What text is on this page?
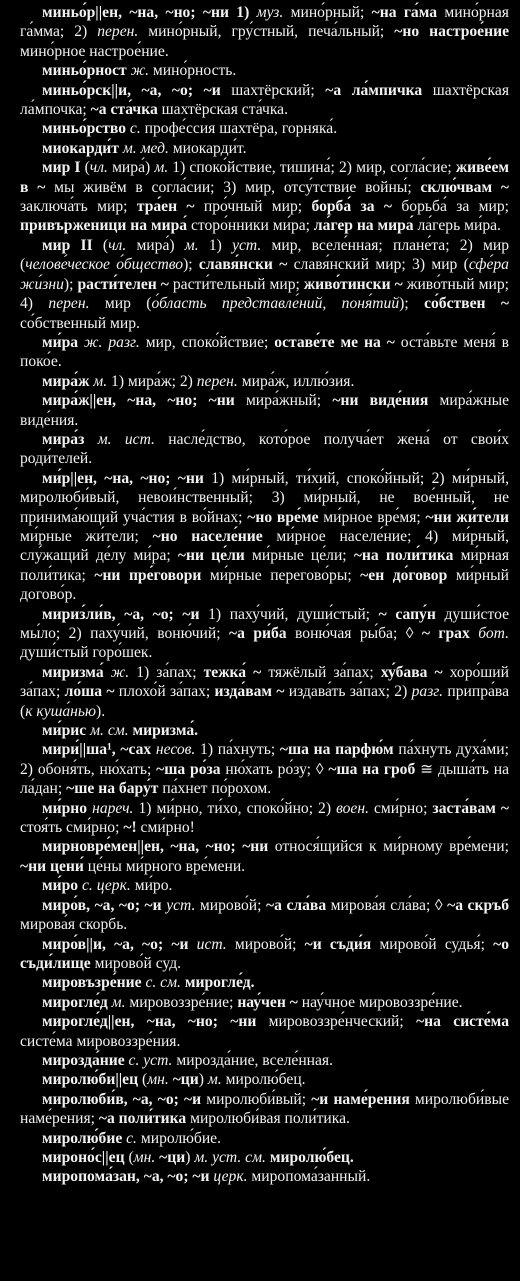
миньо́р||ен, ~на, ~но; ~ни 1) муз. мино́рный; ~на га́ма мино́рная га́мма; 2) перен. мино́рный, гру́стный, печа́льный; ~но настрое́ние мино́рное настрое́ние.

миньо́рност ж. мино́рность.

миньо́рск||и, ~а, ~о; ~и шахтёрский; ~а ла́мпичка шахтёрская ла́мпочка; ~а ста́чка шахтёрская ста́чка.

миньо́рство с. профе́ссия шахтёра, горняка́.

миокарди́т м. мед. миокарди́т.

мир I (чл. мира́) м. 1) споко́йствие, тишина́; 2) мир, согла́сие; живе́ем в ~ мы живём в согла́сии; 3) мир, отсу́тствие войны́; склю́чвам ~ заключа́ть мир; тра́ен ~ про́чный мир; борба́ за ~ борьба́ за мир; привърженици на мира́ сторо́нники ми́ра; ла́гер на мира́ ла́герь ми́ра.

мир II (чл. мира́) м. 1) уст. мир, вселе́нная; плане́та; 2) мир (челове́ческое о́бщество); славя́нски ~ славя́нский мир; 3) мир (сфе́ра жи́зни); расти́телен ~ расти́тельный мир; живо́тински ~ живо́тный мир; 4) перен. мир (о́бласть представле́ний, поня́тий); со́бствен ~ со́бственный мир.

ми́ра ж. разг. мир, споко́йствие; оставе́те ме на ~ оста́вьте меня́ в поко́е.

мира́ж м. 1) мира́ж; 2) перен. мира́ж, иллю́зия.

мира́ж||ен, ~на, ~но; ~ни мира́жный; ~ни виде́ния мира́жные виде́ния.

мира́з м. ист. насле́дство, кото́рое получа́ет жена́ от свои́х роди́телей.

ми́р||ен, ~на, ~но; ~ни 1) ми́рный, ти́хий, споко́йный; 2) ми́рный, миролюби́вый, невои́нственный; 3) ми́рный, не вое́нный, не принима́ющий уча́стия в во́йнах; ~но вре́ме ми́рное вре́мя; ~ни жи́тели ми́рные жи́тели; ~но населе́ние ми́рное населе́ние; 4) ми́рный, слу́жащий де́лу ми́ра; ~ни це́ли ми́рные це́ли; ~на поли́тика ми́рная поли́тика; ~ни пре́говори ми́рные перегово́ры; ~ен до́говор ми́рный догово́р.

мириз́ли́в, ~а, ~о; ~и 1) паху́чий, души́стый; ~ сапу́н души́стое мы́ло; 2) паху́чий, воню́чий; ~а ри́ба воню́чая ры́ба; ◊ ~ грах бот. души́стый горо́шек.

миризма́ ж. 1) за́пах; тежка́ ~ тяжёлый за́пах; ху́бава ~ хоро́ший за́пах; ло́ша ~ плохо́й за́пах; изда́вам ~ издава́ть за́пах; 2) разг. припра́ва (к куша́нью).

ми́рис м. см. миризма́.

мири́||ша¹, ~сах несов. 1) па́хнуть; ~ша на парфю́м па́хнуть духа́ми; 2) обоня́ть, ню́хать; ~ша ро́за ню́хать ро́зу; ◊ ~ша на гроб ≅ дыша́ть на ла́дан; ~ше на бару́т па́хнет по́рохом.

ми́рно нареч. 1) ми́рно, ти́хо, споко́йно; 2) воен. сми́рно; заста́вам ~ стоя́ть сми́рно; ~! сми́рно!

мирновре́мен||ен, ~на, ~но; ~ни относя́щийся к ми́рному вре́мени; ~ни цени́ це́ны ми́рного вре́мени.

ми́ро с. церк. ми́ро.

миро́в, ~а, ~о; ~и уст. мирово́й; ~а сла́ва мирова́я сла́ва; ◊ ~а скръб мирова́я скорбь.

миро́в||и, ~а, ~о; ~и ист. мирово́й; ~и съди́я мирово́й судья́; ~о съди́лище мирово́й суд.

мировъзре́ние с. см. мирогле́д.

мирогле́д м. мировоззре́ние; нау́чен ~ нау́чное мировоззре́ние.

мирогле́д||ен, ~на, ~но; ~ни мировоззре́нческий; ~на систе́ма систе́ма мировоззре́ния.

мирозда́ние с. уст. мирозда́ние, вселе́нная.

миролю́би||ец (мн. ~ци) м. миролю́бец.

миролюби́в, ~а, ~о; ~и миролюби́вый; ~и наме́рения миролюби́вые наме́рения; ~а поли́тика миролюби́вая поли́тика.

миролю́бие с. миролю́бие.

мироно́с||ец (мн. ~ци) м. уст. см. миролю́бец.

миропома́зан, ~а, ~о; ~и церк. миропома́занный.
